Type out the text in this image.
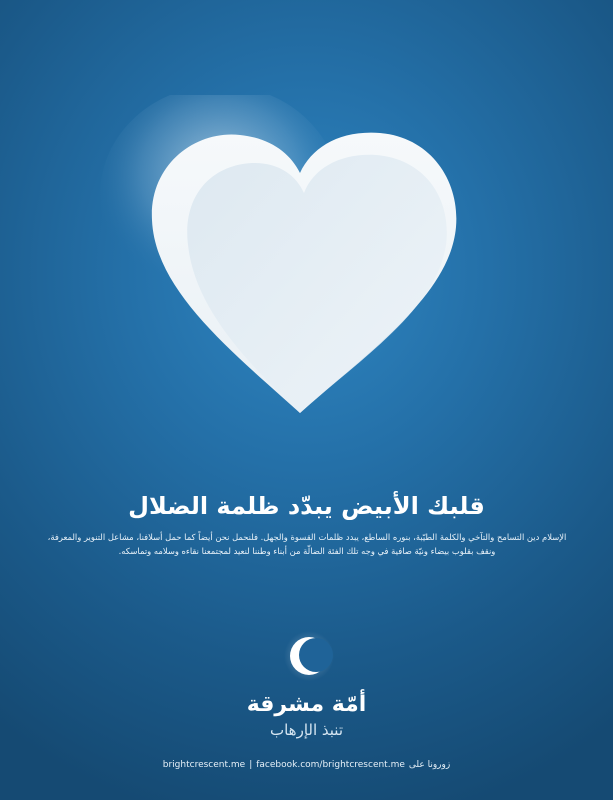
قلبك الأبيض يبدّد ظلمة الضلال

الإسلام دين التسامح والتآخي والكلمة الطيّبة، بنوره الساطع، يبدد ظلمات القسوة والجهل. فلنحمل نحن أيضاً كما حمل أسلافنا، مشاعل التنوير والمعرفة، ونقف بقلوب بيضاء ونيّة صافية في وجه تلك الفئة الضالّة من أبناء وطننا لنعيد لمجتمعنا نقاءه وسلامه وتماسكه.

أمّة مشرقة
تنبذ الإرهاب
brightcrescent.me | facebook.com/brightcrescent.me زورونا على
